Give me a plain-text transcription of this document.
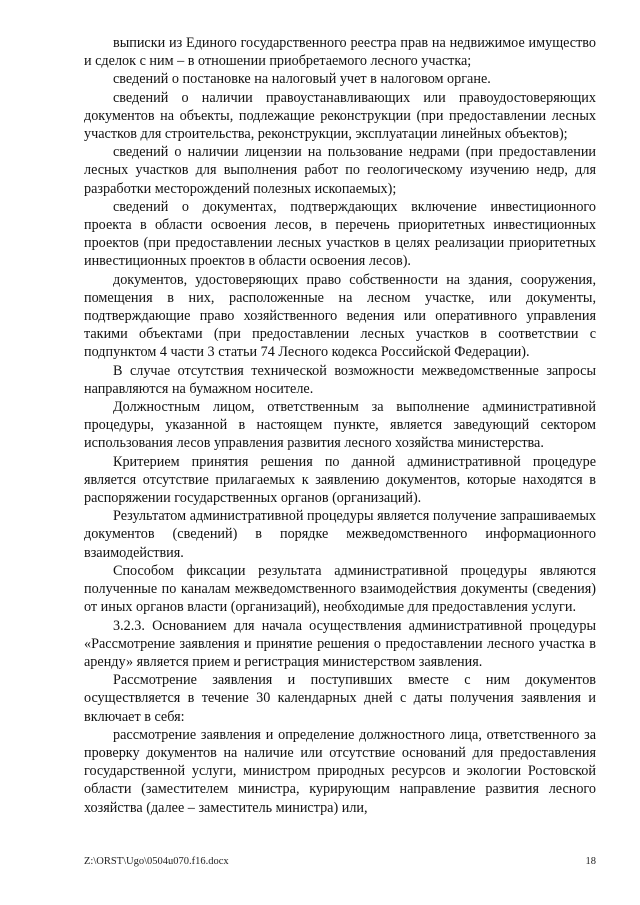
выписки из Единого государственного реестра прав на недвижимое имущество и сделок с ним – в отношении приобретаемого лесного участка;

сведений о постановке на налоговый учет в налоговом органе.

сведений о наличии правоустанавливающих или правоудостоверяющих документов на объекты, подлежащие реконструкции (при предоставлении лесных участков для строительства, реконструкции, эксплуатации линейных объектов);

сведений о наличии лицензии на пользование недрами (при предоставлении лесных участков для выполнения работ по геологическому изучению недр, для разработки месторождений полезных ископаемых);

сведений о документах, подтверждающих включение инвестиционного проекта в области освоения лесов, в перечень приоритетных инвестиционных проектов (при предоставлении лесных участков в целях реализации приоритетных инвестиционных проектов в области освоения лесов).

документов, удостоверяющих право собственности на здания, сооружения, помещения в них, расположенные на лесном участке, или документы, подтверждающие право хозяйственного ведения или оперативного управления такими объектами (при предоставлении лесных участков в соответствии с подпунктом 4 части 3 статьи 74 Лесного кодекса Российской Федерации).

В случае отсутствия технической возможности межведомственные запросы направляются на бумажном носителе.

Должностным лицом, ответственным за выполнение административной процедуры, указанной в настоящем пункте, является заведующий сектором использования лесов управления развития лесного хозяйства министерства.

Критерием принятия решения по данной административной процедуре является отсутствие прилагаемых к заявлению документов, которые находятся в распоряжении государственных органов (организаций).

Результатом административной процедуры является получение запрашиваемых документов (сведений) в порядке межведомственного информационного взаимодействия.

Способом фиксации результата административной процедуры являются полученные по каналам межведомственного взаимодействия документы (сведения) от иных органов власти (организаций), необходимые для предоставления услуги.

3.2.3. Основанием для начала осуществления административной процедуры «Рассмотрение заявления и принятие решения о предоставлении лесного участка в аренду» является прием и регистрация министерством заявления.

Рассмотрение заявления и поступивших вместе с ним документов осуществляется в течение 30 календарных дней с даты получения заявления и включает в себя:

рассмотрение заявления и определение должностного лица, ответственного за проверку документов на наличие или отсутствие оснований для предоставления государственной услуги, министром природных ресурсов и экологии Ростовской области (заместителем министра, курирующим направление развития лесного хозяйства (далее – заместитель министра) или,

Z:\ORST\Ugo\0504u070.f16.docx	18
